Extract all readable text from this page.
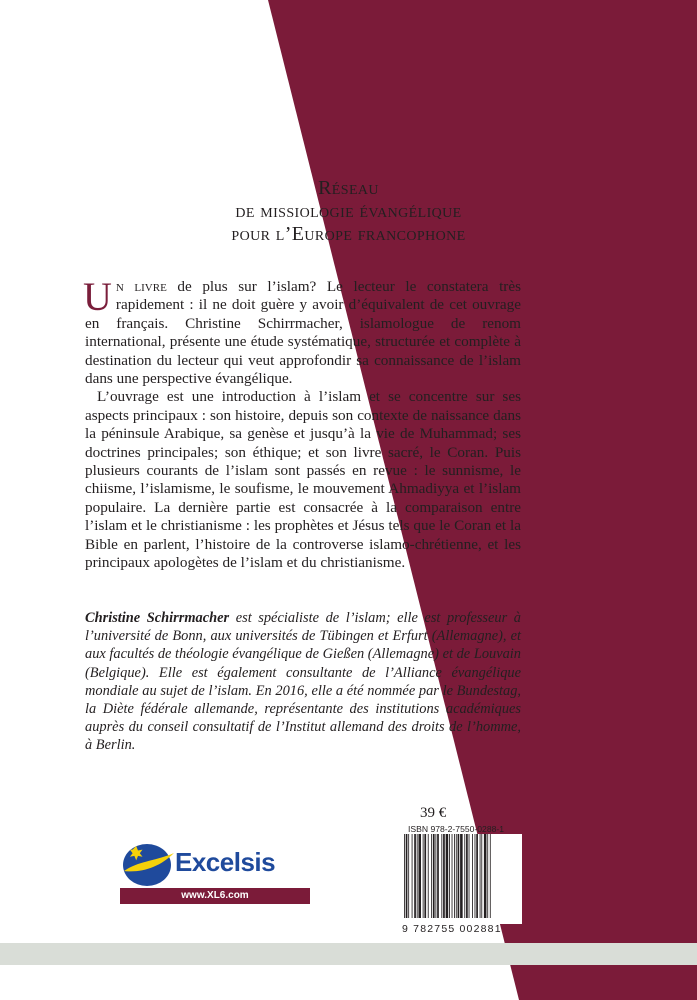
Réseau
de missiologie évangélique
pour l’Europe francophone

Un livre de plus sur l’islam? Le lecteur le constatera très rapidement : il ne doit guère y avoir d’équivalent de cet ouvrage en français. Christine Schirrmacher, islamologue de renom international, présente une étude systématique, structurée et complète à destination du lecteur qui veut approfondir sa connaissance de l’islam dans une perspective évangélique.

L’ouvrage est une introduction à l’islam et se concentre sur ses aspects principaux : son histoire, depuis son contexte de naissance dans la péninsule Arabique, sa genèse et jusqu’à la vie de Muhammad; ses doctrines principales; son éthique; et son livre sacré, le Coran. Puis plusieurs courants de l’islam sont passés en revue : le sunnisme, le chiisme, l’islamisme, le soufisme, le mouvement Ahmadiyya et l’islam populaire. La dernière partie est consacrée à la comparaison entre l’islam et le christianisme : les prophètes et Jésus tels que le Coran et la Bible en parlent, l’histoire de la controverse islamo-chrétienne, et les principaux apologètes de l’islam et du christianisme.

Christine Schirrmacher est spécialiste de l’islam; elle est professeur à l’université de Bonn, aux universités de Tübingen et Erfurt (Allemagne), et aux facultés de théologie évangélique de Gießen (Allemagne) et de Louvain (Belgique). Elle est également consultante de l’Alliance évangélique mondiale au sujet de l’islam. En 2016, elle a été nommée par le Bundestag, la Diète fédérale allemande, représentante des institutions académiques auprès du conseil consultatif de l’Institut allemand des droits de l’homme, à Berlin.
39 €
ISBN 978-2-7550-0288-1
9 782755 002881
Excelsis
www.XL6.com
